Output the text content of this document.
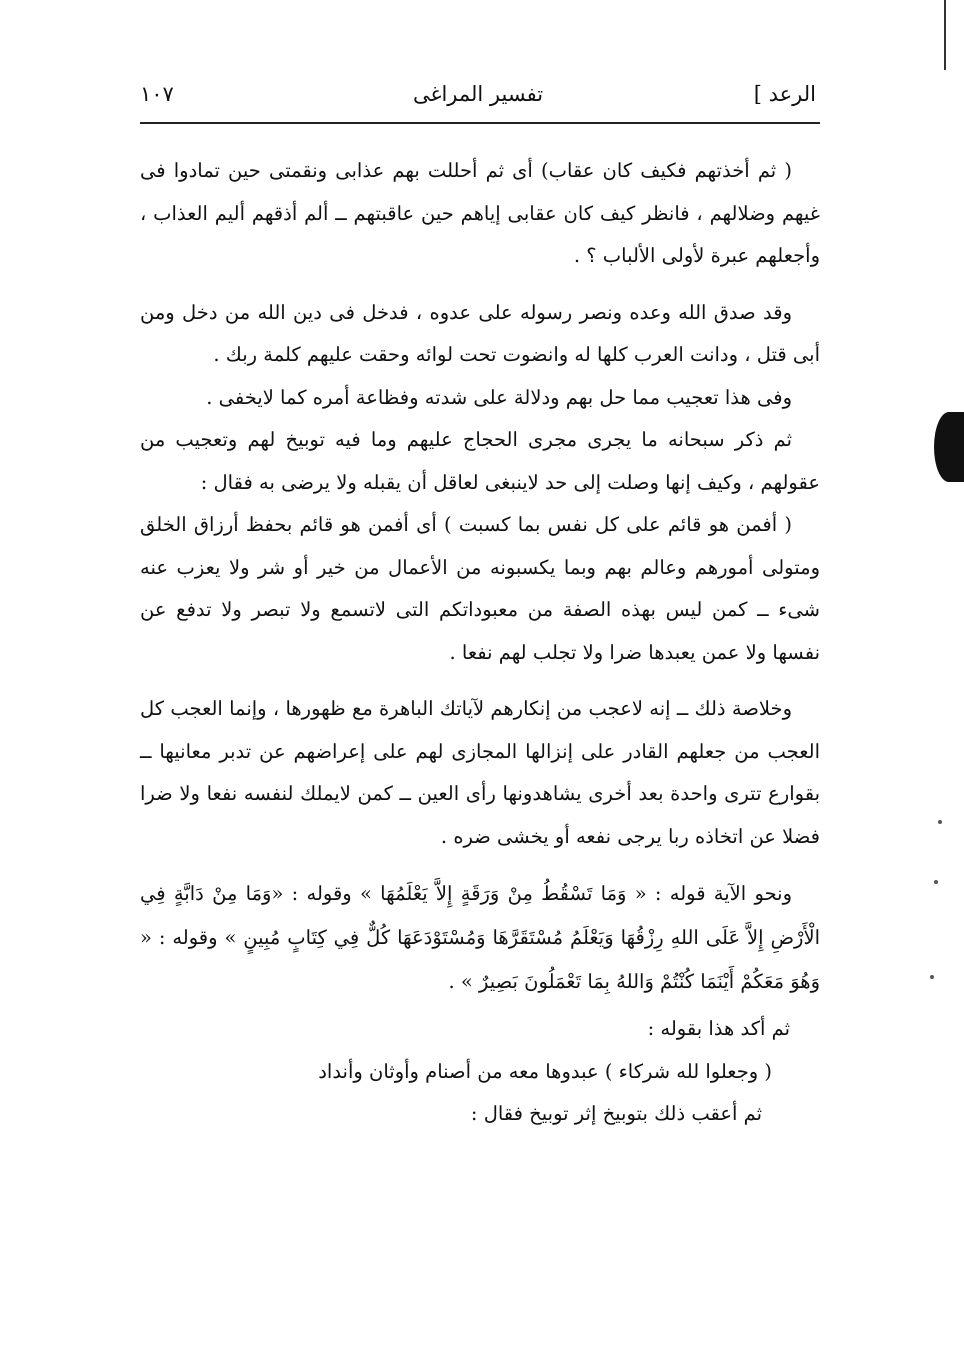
الرعد ]
تفسير المراغى
١٠٧

( ثم أخذتهم فكيف كان عقاب) أى ثم أحللت بهم عذابى ونقمتى حين تمادوا فى غيهم وضلالهم ، فانظر كيف كان عقابى إياهم حين عاقبتهم ــ ألم أذقهم أليم العذاب ، وأجعلهم عبرة لأولى الألباب ؟ .

وقد صدق الله وعده ونصر رسوله على عدوه ، فدخل فى دين الله من دخل ومن أبى قتل ، ودانت العرب كلها له وانضوت تحت لوائه وحقت عليهم كلمة ربك .

وفى هذا تعجيب مما حل بهم ودلالة على شدته وفظاعة أمره كما لايخفى .

ثم ذكر سبحانه ما يجرى مجرى الحجاج عليهم وما فيه توبيخ لهم وتعجيب من عقولهم ، وكيف إنها وصلت إلى حد لاينبغى لعاقل أن يقبله ولا يرضى به فقال :

( أفمن هو قائم على كل نفس بما كسبت ) أى أفمن هو قائم بحفظ أرزاق الخلق ومتولى أمورهم وعالم بهم وبما يكسبونه من الأعمال من خير أو شر ولا يعزب عنه شىء ــ كمن ليس بهذه الصفة من معبوداتكم التى لاتسمع ولا تبصر ولا تدفع عن نفسها ولا عمن يعبدها ضرا ولا تجلب لهم نفعا .

وخلاصة ذلك ــ إنه لاعجب من إنكارهم لآياتك الباهرة مع ظهورها ، وإنما العجب كل العجب من جعلهم القادر على إنزالها المجازى لهم على إعراضهم عن تدبر معانيها ــ بقوارع تترى واحدة بعد أخرى يشاهدونها رأى العين ــ كمن لايملك لنفسه نفعا ولا ضرا فضلا عن اتخاذه ربا يرجى نفعه أو يخشى ضره .

ونحو الآية قوله : « وَمَا تَسْقُطُ مِنْ وَرَقَةٍ إِلاَّ يَعْلَمُهَا » وقوله : «وَمَا مِنْ دَابَّةٍ فِي الْأَرْضِ إِلاَّ عَلَى اللهِ رِزْقُهَا وَيَعْلَمُ مُسْتَقَرَّهَا وَمُسْتَوْدَعَهَا كُلٌّ فِي كِتَابٍ مُبِينٍ » وقوله : « وَهُوَ مَعَكُمْ أَيْنَمَا كُنْتُمْ وَاللهُ بِمَا تَعْمَلُونَ بَصِيرٌ » .

ثم أكد هذا بقوله :

( وجعلوا لله شركاء ) عبدوها معه من أصنام وأوثان وأنداد

ثم أعقب ذلك بتوبيخ إثر توبيخ فقال :
